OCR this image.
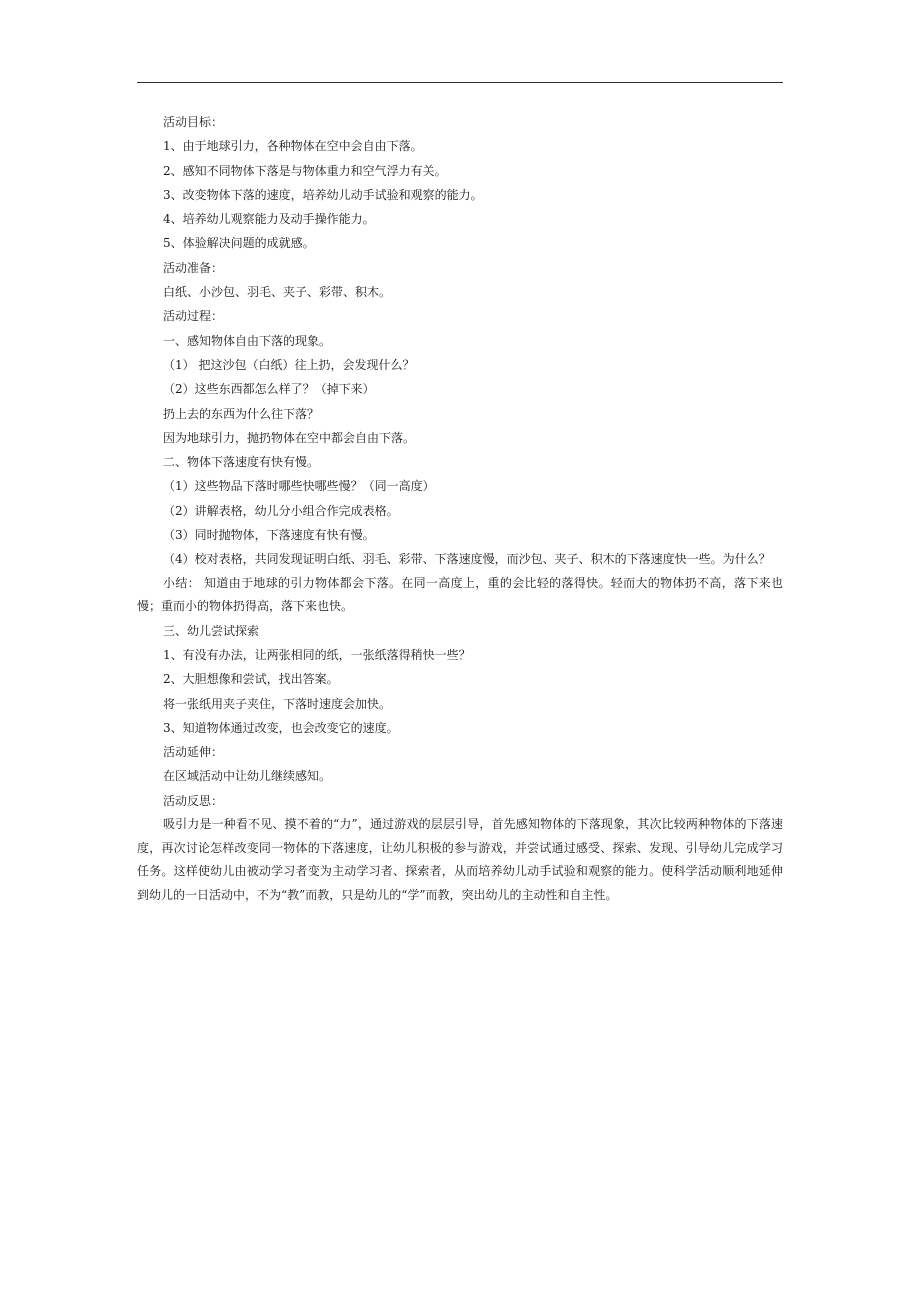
活动目标：

1、由于地球引力，各种物体在空中会自由下落。

2、感知不同物体下落是与物体重力和空气浮力有关。

3、改变物体下落的速度，培养幼儿动手试验和观察的能力。

4、培养幼儿观察能力及动手操作能力。

5、体验解决问题的成就感。

活动准备：

白纸、小沙包、羽毛、夹子、彩带、积木。

活动过程：

一、感知物体自由下落的现象。

（1） 把这沙包（白纸）往上扔，会发现什么？

（2）这些东西都怎么样了？（掉下来）

扔上去的东西为什么往下落？

因为地球引力，抛扔物体在空中都会自由下落。

二、物体下落速度有快有慢。

（1）这些物品下落时哪些快哪些慢？（同一高度）

（2）讲解表格，幼儿分小组合作完成表格。

（3）同时抛物体，下落速度有快有慢。

（4）校对表格，共同发现证明白纸、羽毛、彩带、下落速度慢，而沙包、夹子、积木的下落速度快一些。为什么？

小结： 知道由于地球的引力物体都会下落。在同一高度上，重的会比轻的落得快。轻而大的物体扔不高，落下来也慢；重而小的物体扔得高，落下来也快。

三、幼儿尝试探索

1、有没有办法，让两张相同的纸，一张纸落得稍快一些？

2、大胆想像和尝试，找出答案。

将一张纸用夹子夹住，下落时速度会加快。

3、知道物体通过改变，也会改变它的速度。

活动延伸：

在区域活动中让幼儿继续感知。

活动反思：

吸引力是一种看不见、摸不着的“力”，通过游戏的层层引导，首先感知物体的下落现象，其次比较两种物体的下落速度，再次讨论怎样改变同一物体的下落速度，让幼儿积极的参与游戏，并尝试通过感受、探索、发现、引导幼儿完成学习任务。这样使幼儿由被动学习者变为主动学习者、探索者，从而培养幼儿动手试验和观察的能力。使科学活动顺利地延伸到幼儿的一日活动中，不为“教”而教，只是幼儿的“学”而教，突出幼儿的主动性和自主性。
